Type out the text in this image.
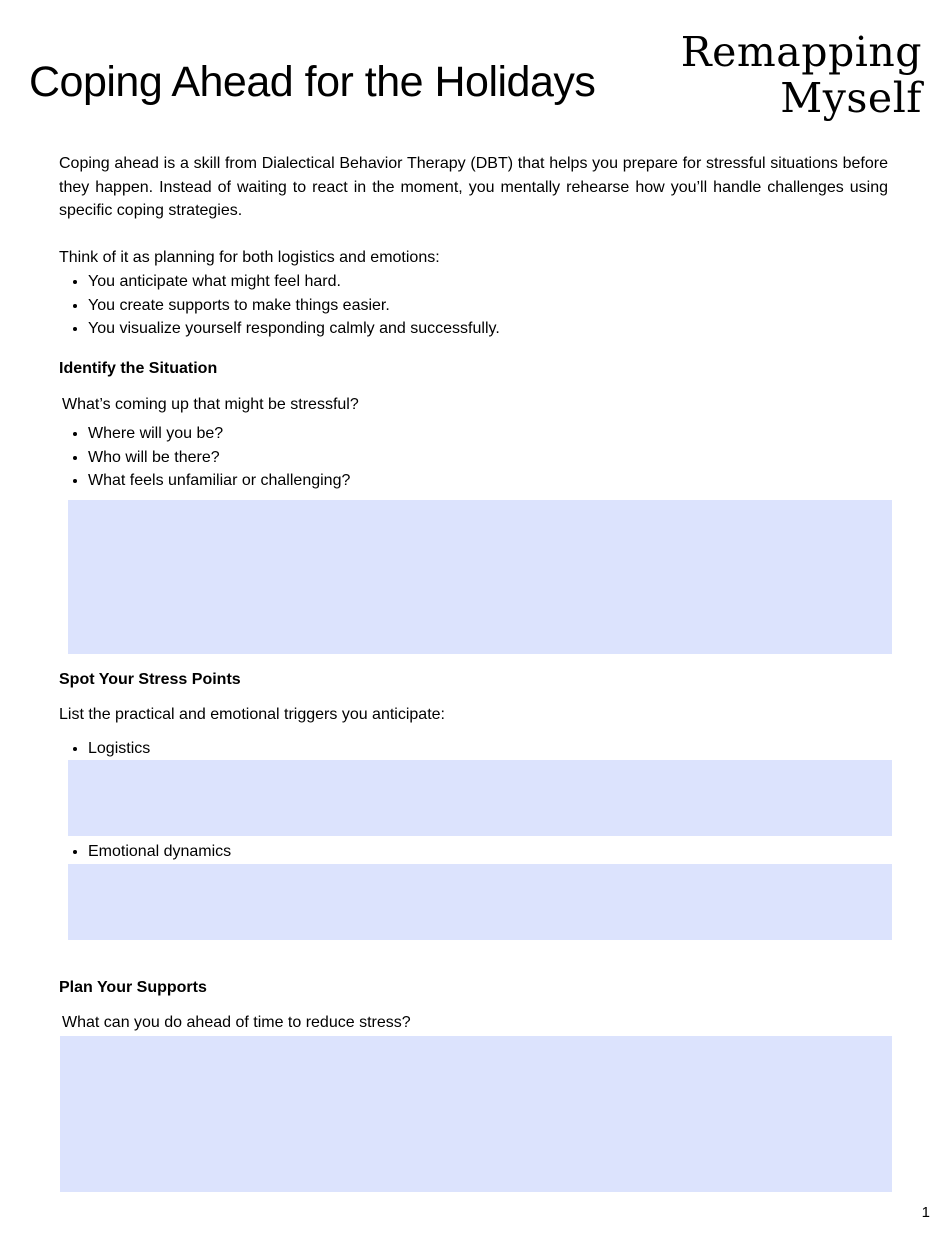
Coping Ahead for the Holidays
Remapping
Myself

Coping ahead is a skill from Dialectical Behavior Therapy (DBT) that helps you prepare for stressful situations before they happen. Instead of waiting to react in the moment, you mentally rehearse how you’ll handle challenges using specific coping strategies.

Think of it as planning for both logistics and emotions:

• You anticipate what might feel hard.
• You create supports to make things easier.
• You visualize yourself responding calmly and successfully.
Identify the Situation

What’s coming up that might be stressful?

• Where will you be?
• Who will be there?
• What feels unfamiliar or challenging?
Spot Your Stress Points

List the practical and emotional triggers you anticipate:

• Logistics
• Emotional dynamics
Plan Your Supports

What can you do ahead of time to reduce stress?

1
